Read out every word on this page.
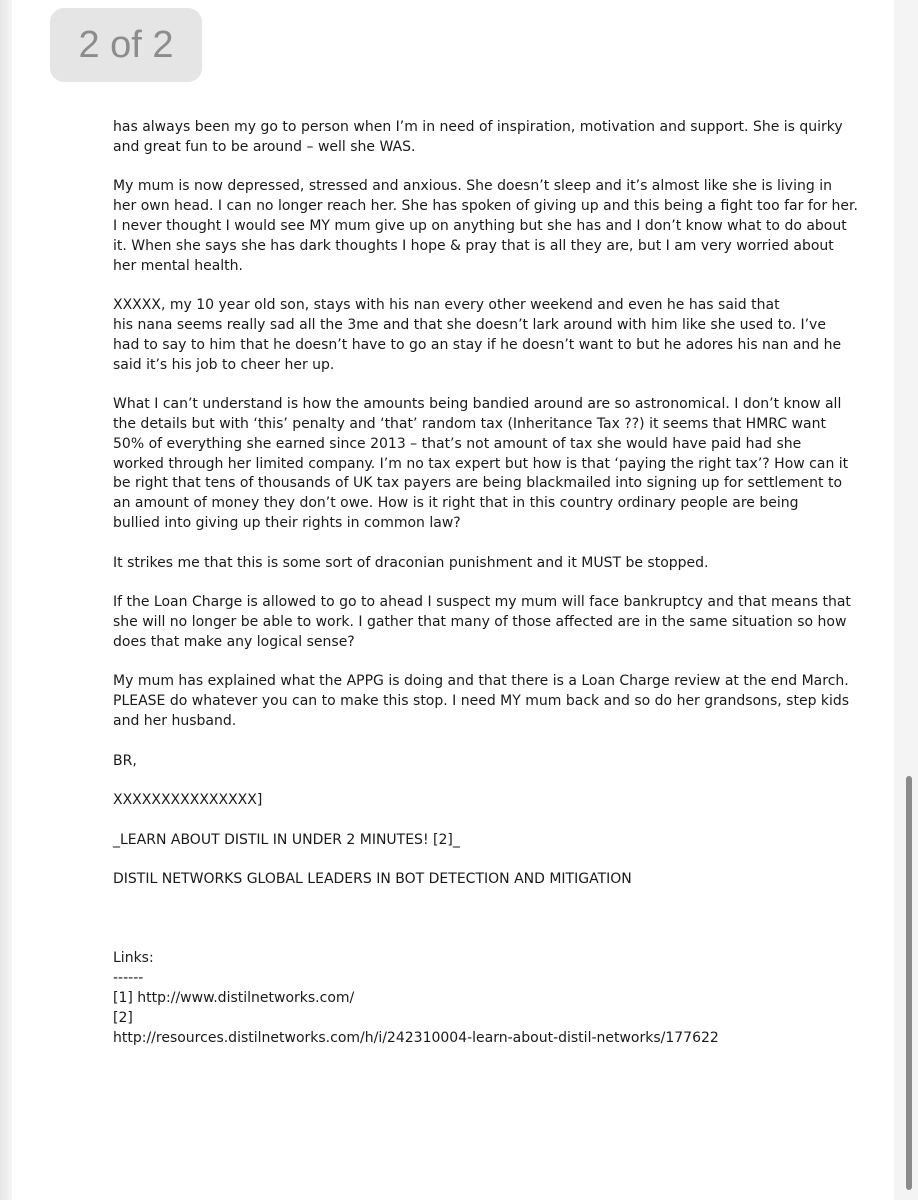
2 of 2
has always been my go to person when I’m in need of inspiration, motivation and support. She is quirky
and great fun to be around – well she WAS.
My mum is now depressed, stressed and anxious. She doesn’t sleep and it’s almost like she is living in
her own head. I can no longer reach her. She has spoken of giving up and this being a fight too far for her.
I never thought I would see MY mum give up on anything but she has and I don’t know what to do about
it. When she says she has dark thoughts I hope & pray that is all they are, but I am very worried about
her mental health.
XXXXX, my 10 year old son, stays with his nan every other weekend and even he has said that
his nana seems really sad all the 3me and that she doesn’t lark around with him like she used to. I’ve
had to say to him that he doesn’t have to go an stay if he doesn’t want to but he adores his nan and he
said it’s his job to cheer her up.
What I can’t understand is how the amounts being bandied around are so astronomical. I don’t know all
the details but with ‘this’ penalty and ‘that’ random tax (Inheritance Tax ??) it seems that HMRC want
50% of everything she earned since 2013 – that’s not amount of tax she would have paid had she
worked through her limited company. I’m no tax expert but how is that ‘paying the right tax’? How can it
be right that tens of thousands of UK tax payers are being blackmailed into signing up for settlement to
an amount of money they don’t owe. How is it right that in this country ordinary people are being
bullied into giving up their rights in common law?
It strikes me that this is some sort of draconian punishment and it MUST be stopped.
If the Loan Charge is allowed to go to ahead I suspect my mum will face bankruptcy and that means that
she will no longer be able to work. I gather that many of those affected are in the same situation so how
does that make any logical sense?
My mum has explained what the APPG is doing and that there is a Loan Charge review at the end March.
PLEASE do whatever you can to make this stop. I need MY mum back and so do her grandsons, step kids
and her husband.
BR,
XXXXXXXXXXXXXXX]
_LEARN ABOUT DISTIL IN UNDER 2 MINUTES! [2]_
DISTIL NETWORKS GLOBAL LEADERS IN BOT DETECTION AND MITIGATION
Links:
------
[1] http://www.distilnetworks.com/
[2]
http://resources.distilnetworks.com/h/i/242310004-learn-about-distil-networks/177622
